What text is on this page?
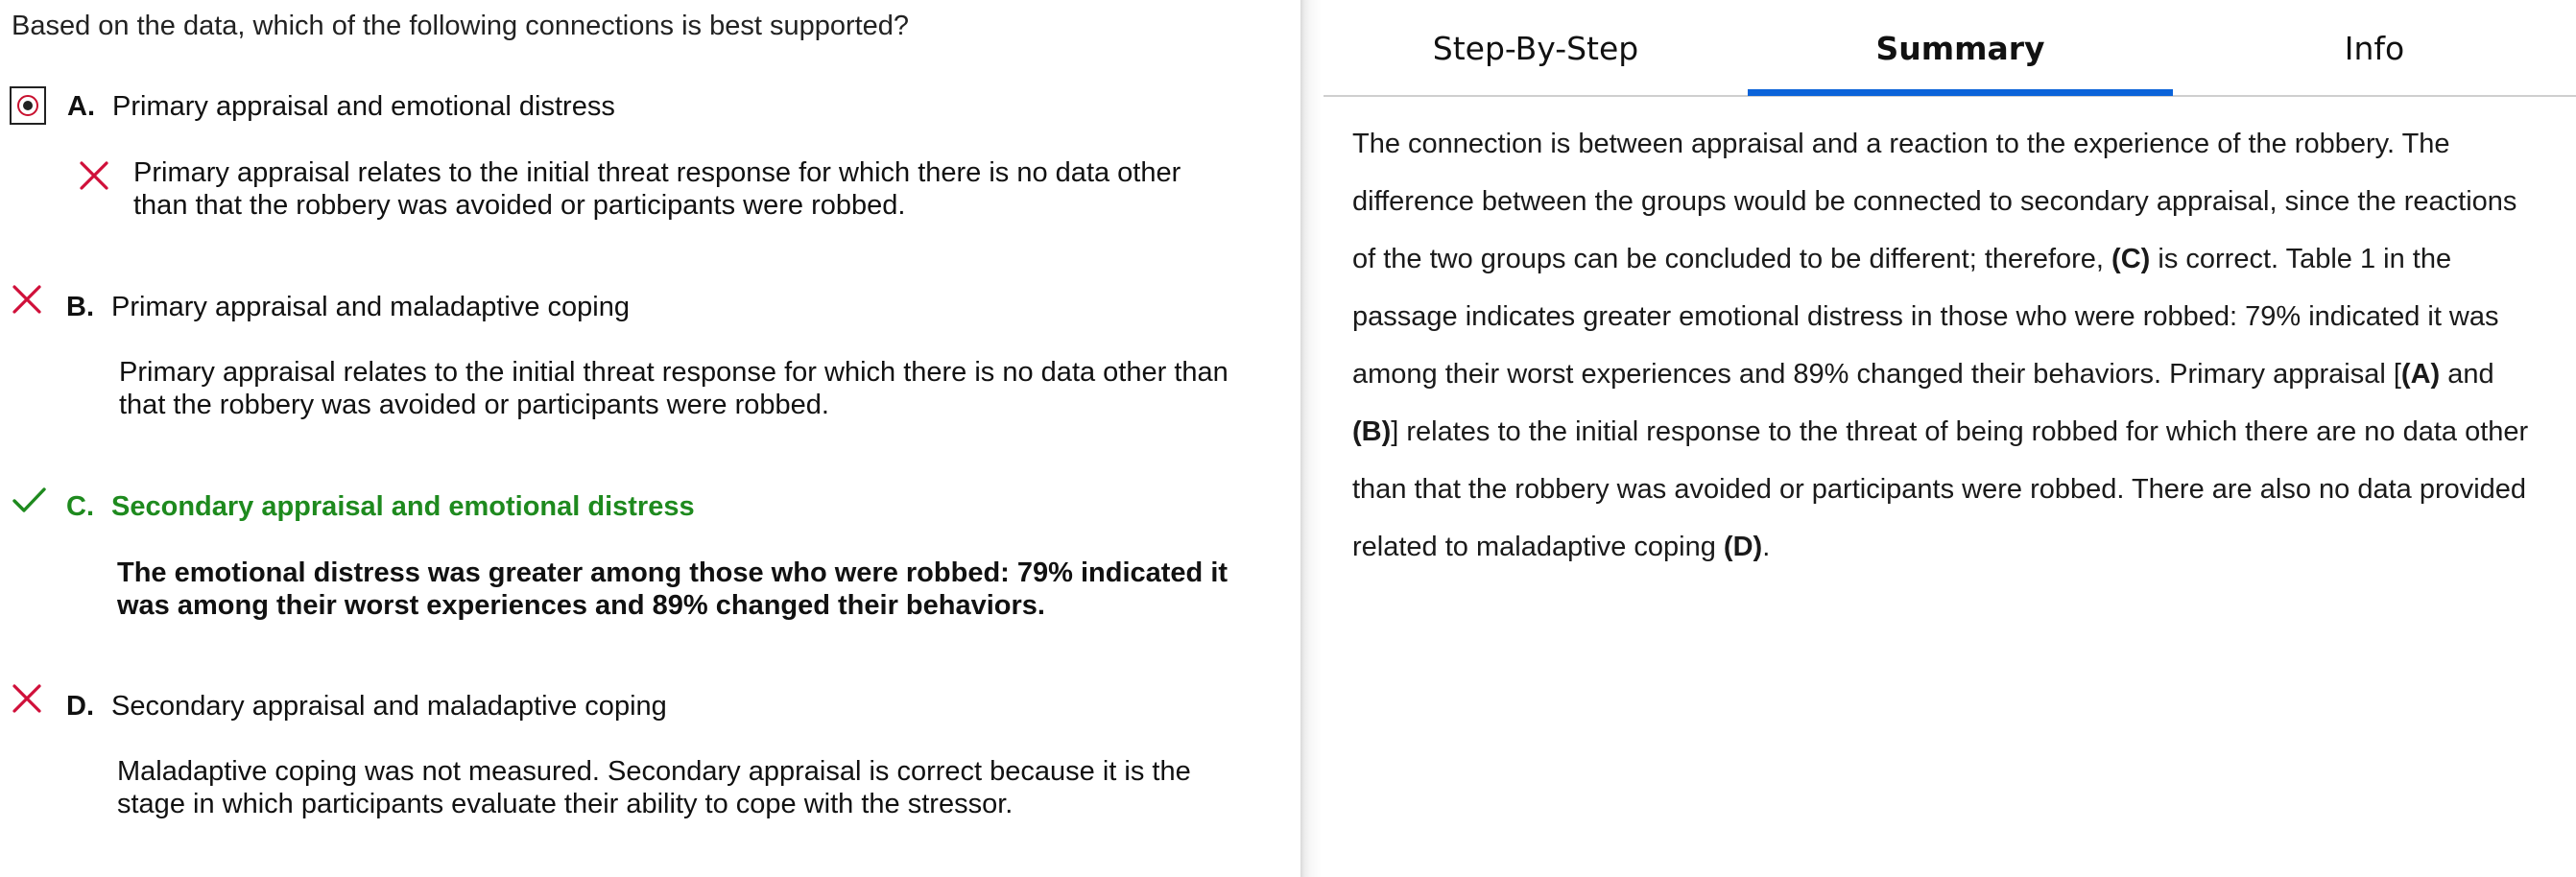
Based on the data, which of the following connections is best supported?
A. Primary appraisal and emotional distress
Primary appraisal relates to the initial threat response for which there is no data other
than that the robbery was avoided or participants were robbed.
B. Primary appraisal and maladaptive coping
Primary appraisal relates to the initial threat response for which there is no data other than
that the robbery was avoided or participants were robbed.
C. Secondary appraisal and emotional distress
The emotional distress was greater among those who were robbed: 79% indicated it
was among their worst experiences and 89% changed their behaviors.
D. Secondary appraisal and maladaptive coping
Maladaptive coping was not measured. Secondary appraisal is correct because it is the
stage in which participants evaluate their ability to cope with the stressor.
Step-By-Step	Summary	Info
The connection is between appraisal and a reaction to the experience of the robbery. The
difference between the groups would be connected to secondary appraisal, since the reactions
of the two groups can be concluded to be different; therefore, (C) is correct. Table 1 in the
passage indicates greater emotional distress in those who were robbed: 79% indicated it was
among their worst experiences and 89% changed their behaviors. Primary appraisal [(A) and
(B)] relates to the initial response to the threat of being robbed for which there are no data other
than that the robbery was avoided or participants were robbed. There are also no data provided
related to maladaptive coping (D).
